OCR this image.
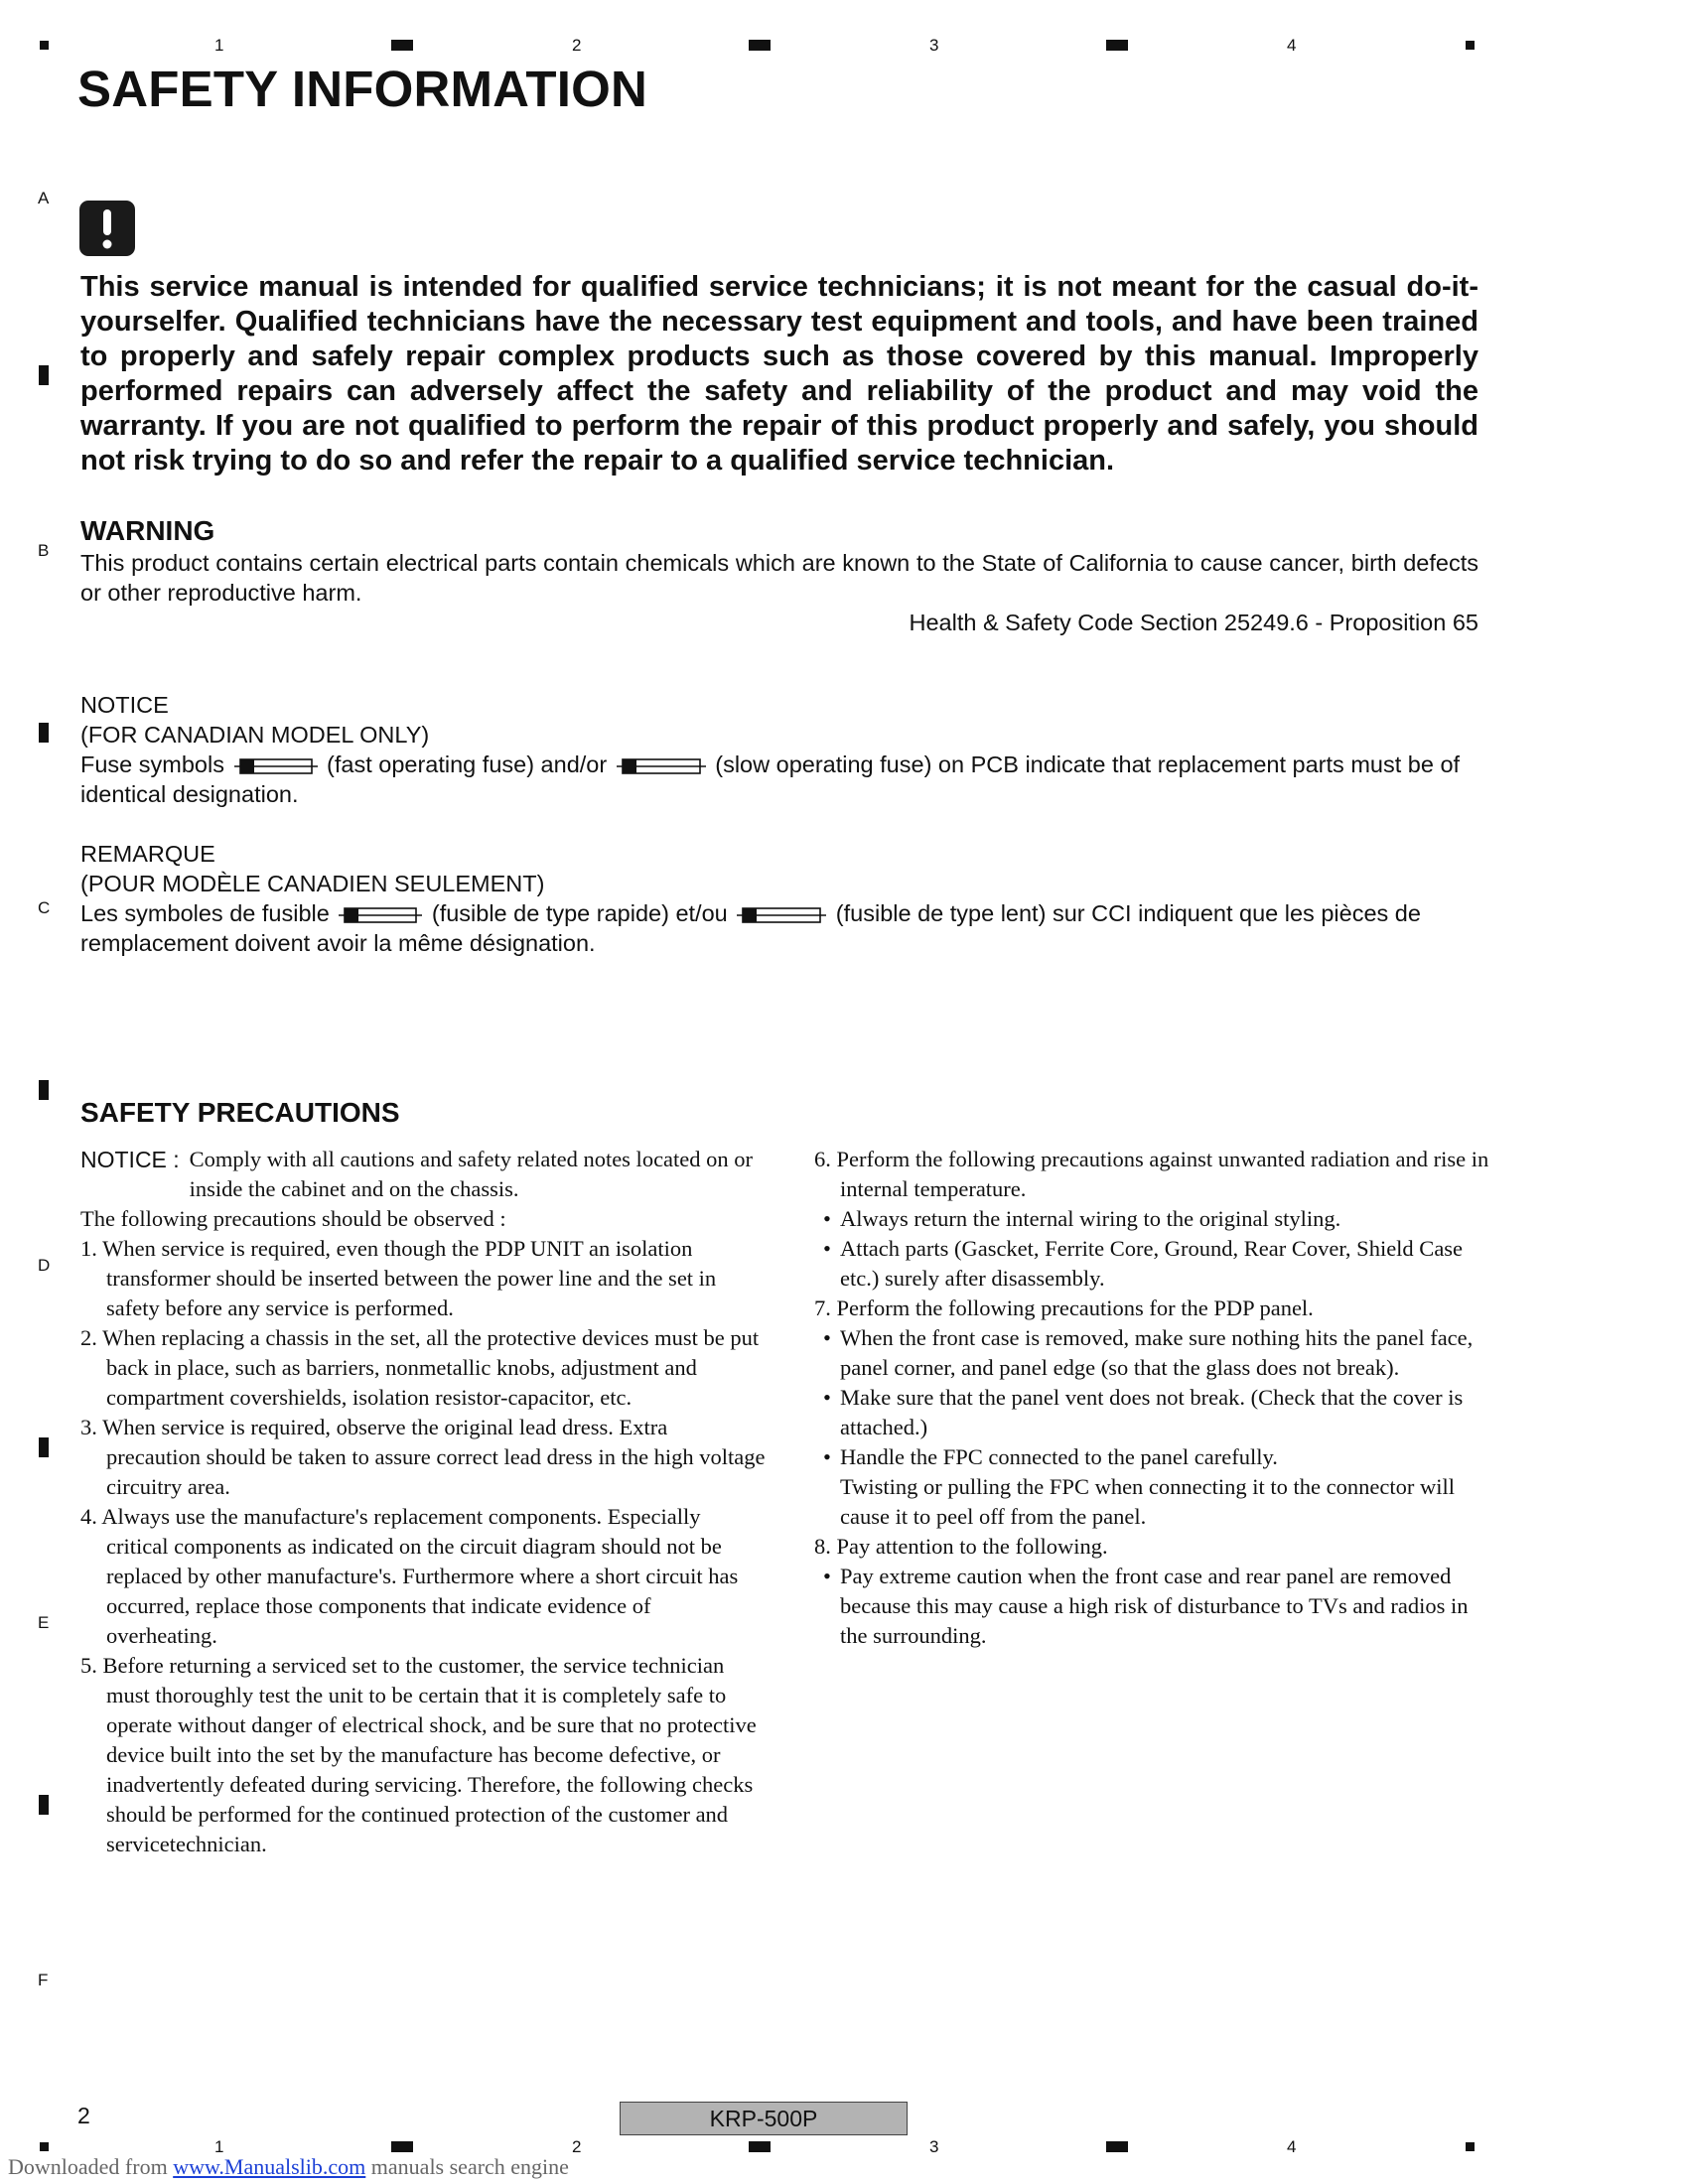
1	2	3	4
A
B
C
D
E
F
SAFETY INFORMATION

This service manual is intended for qualified service technicians; it is not meant for the casual do-it-yourselfer. Qualified technicians have the necessary test equipment and tools, and have been trained to properly and safely repair complex products such as those covered by this manual. Improperly performed repairs can adversely affect the safety and reliability of the product and may void the warranty. If you are not qualified to perform the repair of this product properly and safely, you should not risk trying to do so and refer the repair to a qualified service technician.

WARNING

This product contains certain electrical parts contain chemicals which are known to the State of California to cause cancer, birth defects or other reproductive harm.

Health & Safety Code Section 25249.6 - Proposition 65

NOTICE

(FOR CANADIAN MODEL ONLY)

Fuse symbols	(fast operating fuse) and/or	(slow operating fuse) on PCB indicate that replacement parts must be of identical designation.

REMARQUE

(POUR MODÈLE CANADIEN SEULEMENT)

Les symboles de fusible	(fusible de type rapide) et/ou	(fusible de type lent) sur CCI indiquent que les pièces de remplacement doivent avoir la même désignation.

SAFETY PRECAUTIONS
NOTICE : Comply with all cautions and safety related notes located on or inside the cabinet and on the chassis.

The following precautions should be observed :

1. When service is required, even though the PDP UNIT an isolation transformer should be inserted between the power line and the set in safety before any service is performed.

2. When replacing a chassis in the set, all the protective devices must be put back in place, such as barriers, nonmetallic knobs, adjustment and compartment covershields, isolation resistor-capacitor, etc.

3. When service is required, observe the original lead dress. Extra precaution should be taken to assure correct lead dress in the high voltage circuitry area.

4. Always use the manufacture's replacement components. Especially critical components as indicated on the circuit diagram should not be replaced by other manufacture's. Furthermore where a short circuit has occurred, replace those components that indicate evidence of overheating.

5. Before returning a serviced set to the customer, the service technician must thoroughly test the unit to be certain that it is completely safe to operate without danger of electrical shock, and be sure that no protective device built into the set by the manufacture has become defective, or inadvertently defeated during servicing. Therefore, the following checks should be performed for the continued protection of the customer and servicetechnician.

6. Perform the following precautions against unwanted radiation and rise in internal temperature.

• Always return the internal wiring to the original styling.

• Attach parts (Gascket, Ferrite Core, Ground, Rear Cover, Shield Case etc.) surely after disassembly.

7. Perform the following precautions for the PDP panel.

• When the front case is removed, make sure nothing hits the panel face, panel corner, and panel edge (so that the glass does not break).

• Make sure that the panel vent does not break. (Check that the cover is attached.)

• Handle the FPC connected to the panel carefully.

Twisting or pulling the FPC when connecting it to the connector will cause it to peel off from the panel.

8. Pay attention to the following.

• Pay extreme caution when the front case and rear panel are removed because this may cause a high risk of disturbance to TVs and radios in the surrounding.

2	KRP-500P
1	2	3	4
Downloaded from www.Manualslib.com manuals search engine
